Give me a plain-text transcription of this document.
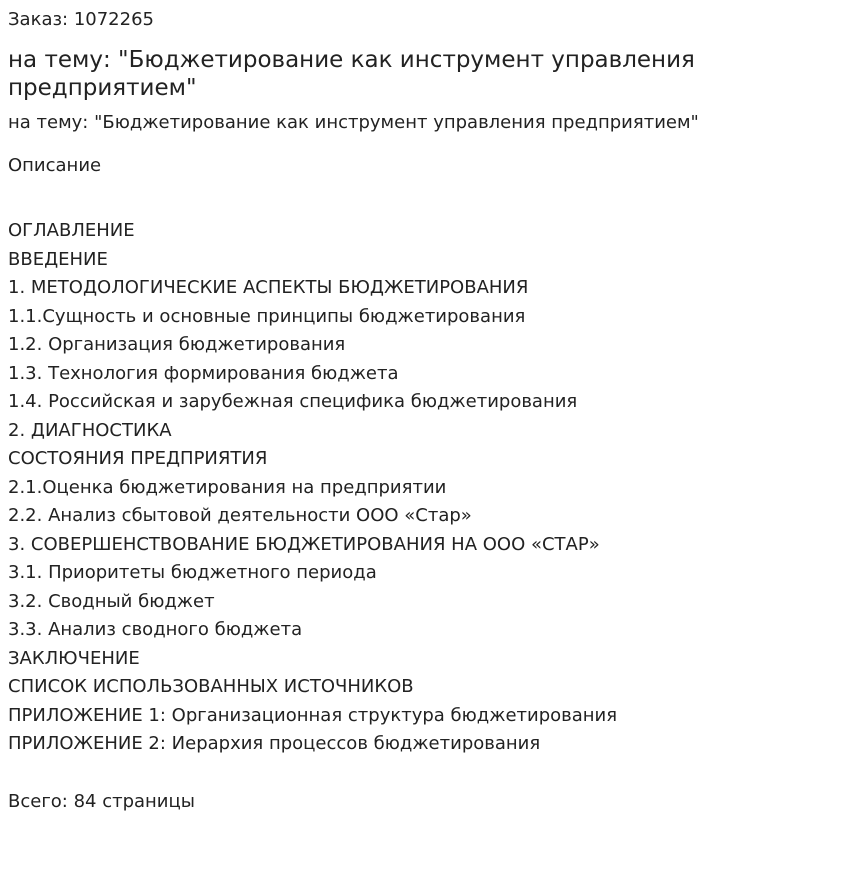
Заказ: 1072265

на тему: "Бюджетирование как инструмент управления предприятием"

на тему: "Бюджетирование как инструмент управления предприятием"

Описание

ОГЛАВЛЕНИЕ
ВВЕДЕНИЕ
1. МЕТОДОЛОГИЧЕСКИЕ АСПЕКТЫ БЮДЖЕТИРОВАНИЯ
1.1.Сущность и основные принципы бюджетирования
1.2. Организация бюджетирования
1.3. Технология формирования бюджета
1.4. Российская и зарубежная специфика бюджетирования
2. ДИАГНОСТИКА
СОСТОЯНИЯ ПРЕДПРИЯТИЯ
2.1.Оценка бюджетирования на предприятии
2.2. Анализ сбытовой деятельности ООО «Стар»
3. СОВЕРШЕНСТВОВАНИЕ БЮДЖЕТИРОВАНИЯ НА ООО «СТАР»
3.1. Приоритеты бюджетного периода
3.2. Сводный бюджет
3.3. Анализ сводного бюджета
ЗАКЛЮЧЕНИЕ
СПИСОК ИСПОЛЬЗОВАННЫХ ИСТОЧНИКОВ
ПРИЛОЖЕНИЕ 1: Организационная структура бюджетирования
ПРИЛОЖЕНИЕ 2: Иерархия процессов бюджетирования

Всего: 84 страницы
